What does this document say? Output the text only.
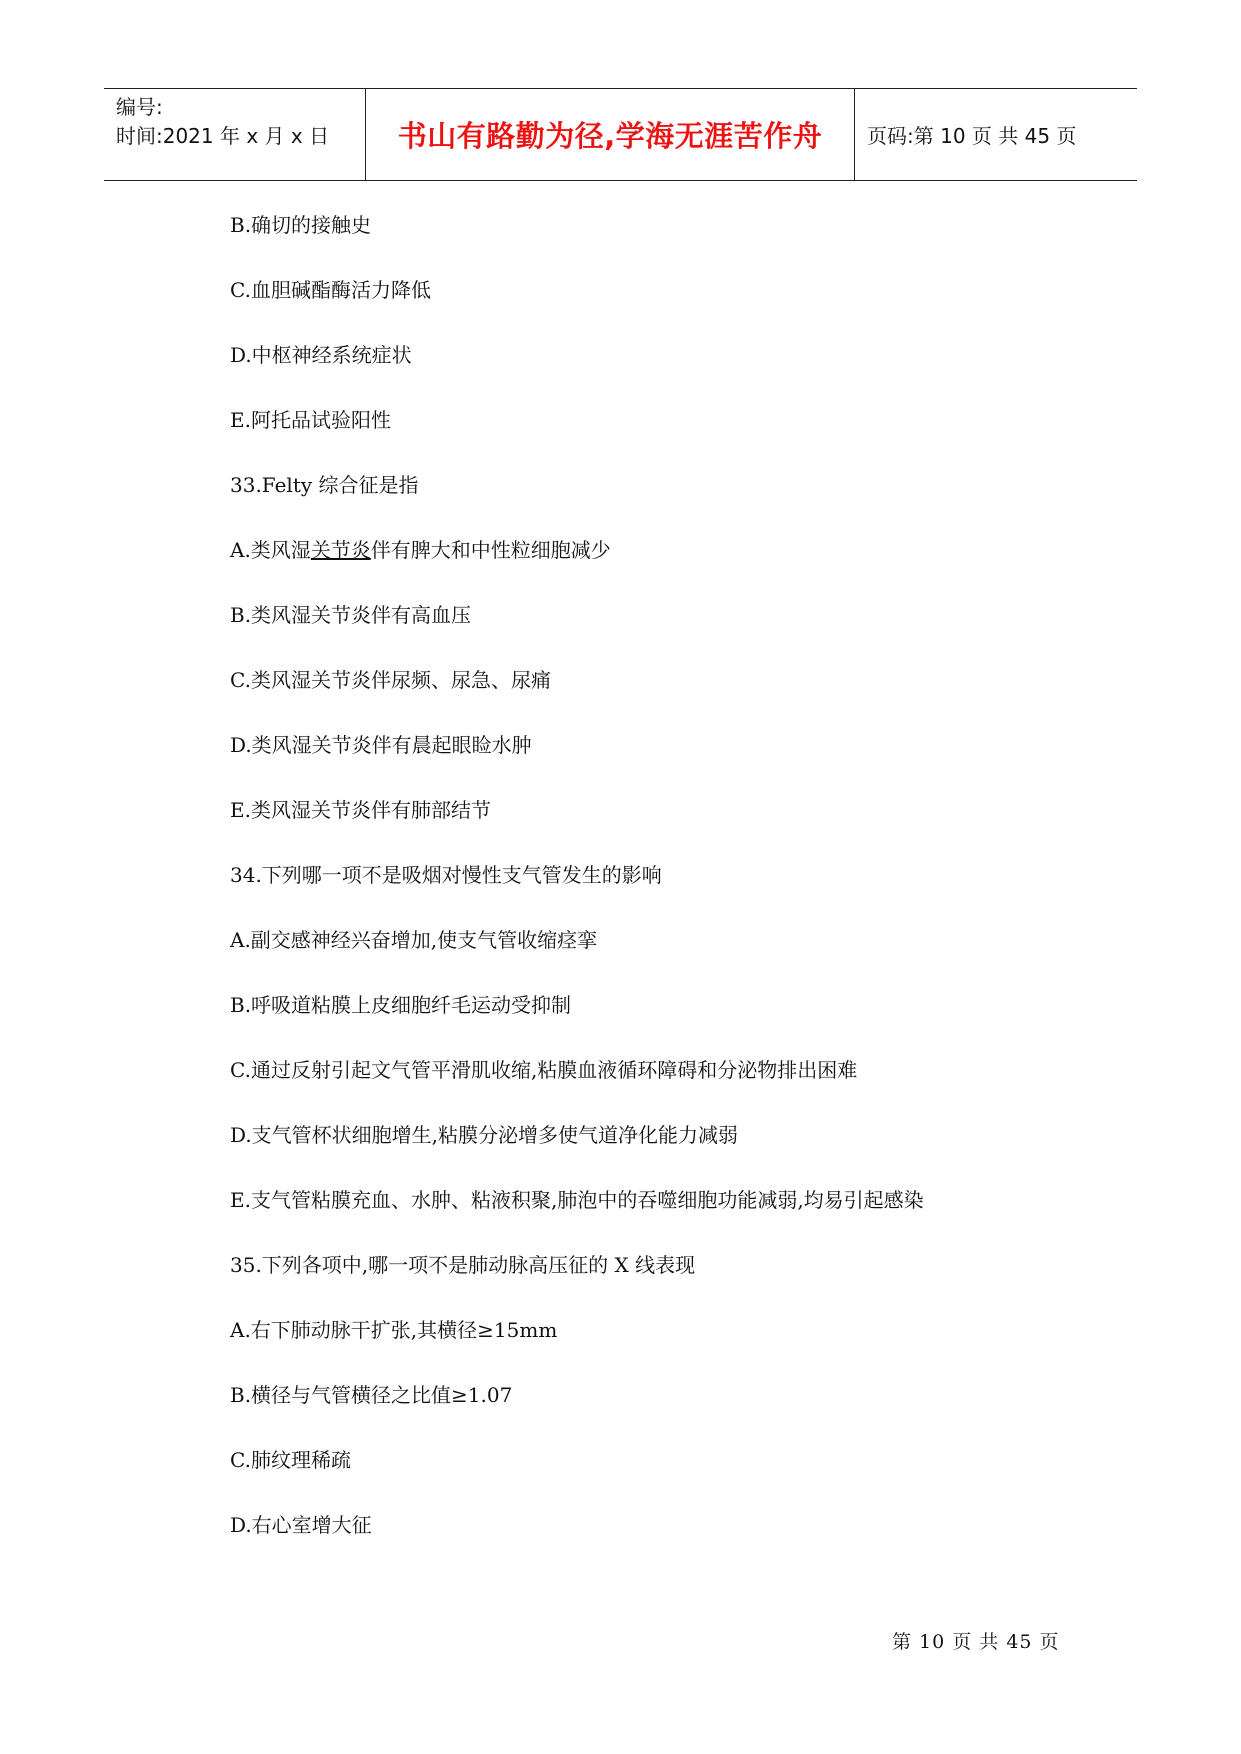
编号:
时间:2021 年 x 月 x 日	书山有路勤为径,学海无涯苦作舟 页码:第 10 页 共 45 页
B.确切的接触史
C.血胆碱酯酶活力降低
D.中枢神经系统症状
E.阿托品试验阳性
33.Felty 综合征是指
A.类风湿关节炎伴有脾大和中性粒细胞减少
B.类风湿关节炎伴有高血压
C.类风湿关节炎伴尿频、尿急、尿痛
D.类风湿关节炎伴有晨起眼睑水肿
E.类风湿关节炎伴有肺部结节
34.下列哪一项不是吸烟对慢性支气管发生的影响
A.副交感神经兴奋增加,使支气管收缩痉挛
B.呼吸道粘膜上皮细胞纤毛运动受抑制
C.通过反射引起文气管平滑肌收缩,粘膜血液循环障碍和分泌物排出困难
D.支气管杯状细胞增生,粘膜分泌增多使气道净化能力减弱
E.支气管粘膜充血、水肿、粘液积聚,肺泡中的吞噬细胞功能减弱,均易引起感染
35.下列各项中,哪一项不是肺动脉高压征的 X 线表现
A.右下肺动脉干扩张,其横径≥15mm
B.横径与气管横径之比值≥1.07
C.肺纹理稀疏
D.右心室增大征
第 10 页 共 45 页
